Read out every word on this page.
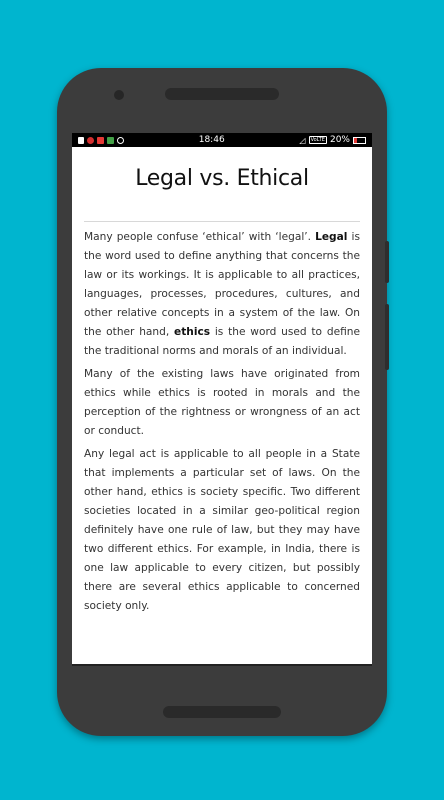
18:46	◿	VoLTE 20%
Legal vs. Ethical

Many people confuse ‘ethical’ with ‘legal’. Legal is the word used to define anything that concerns the law or its workings. It is applicable to all practices, languages, processes, procedures, cultures, and other relative concepts in a system of the law. On the other hand, ethics is the word used to define the traditional norms and morals of an individual.

Many of the existing laws have originated from ethics while ethics is rooted in morals and the perception of the rightness or wrongness of an act or conduct.

Any legal act is applicable to all people in a State that implements a particular set of laws. On the other hand, ethics is society specific. Two different societies located in a similar geo-political region definitely have one rule of law, but they may have two different ethics. For example, in India, there is one law applicable to every citizen, but possibly there are several ethics applicable to concerned society only.
